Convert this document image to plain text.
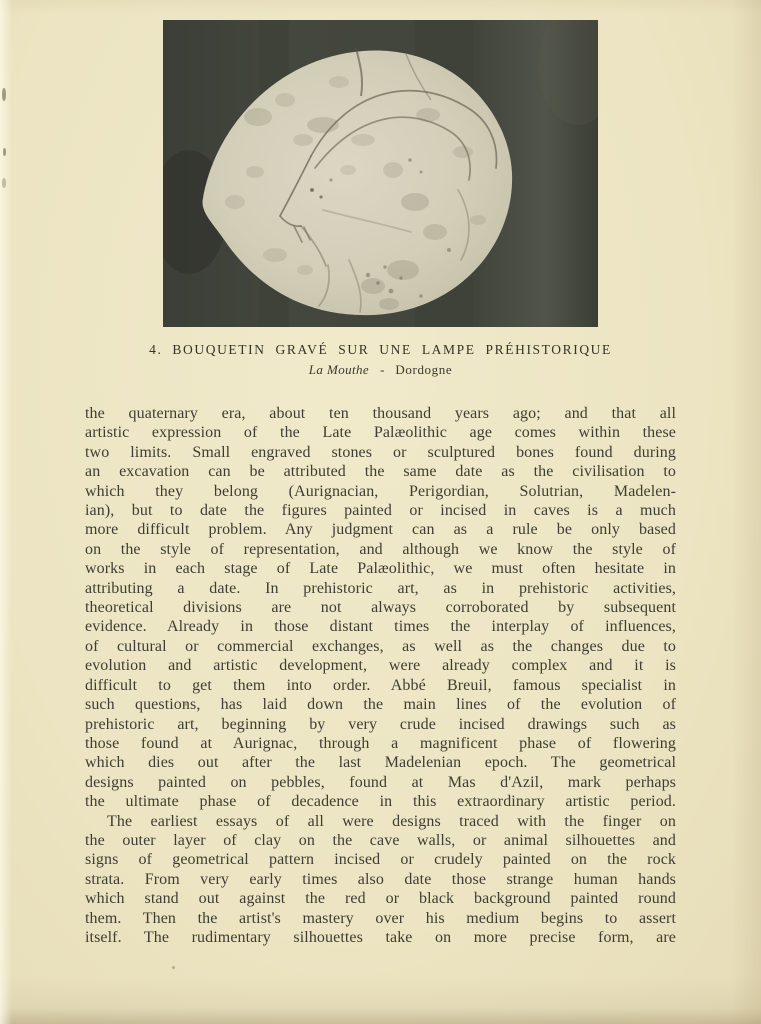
4. BOUQUETIN GRAVÉ SUR UNE LAMPE PRÉHISTORIQUE
La Mouthe - Dordogne
the quaternary era, about ten thousand years ago; and that all
artistic expression of the Late Palæolithic age comes within these
two limits. Small engraved stones or sculptured bones found during
an excavation can be attributed the same date as the civilisation to
which they belong (Aurignacian, Perigordian, Solutrian, Madelen-
ian), but to date the figures painted or incised in caves is a much
more difficult problem. Any judgment can as a rule be only based
on the style of representation, and although we know the style of
works in each stage of Late Palæolithic, we must often hesitate in
attributing a date. In prehistoric art, as in prehistoric activities,
theoretical divisions are not always corroborated by subsequent
evidence. Already in those distant times the interplay of influences,
of cultural or commercial exchanges, as well as the changes due to
evolution and artistic development, were already complex and it is
difficult to get them into order. Abbé Breuil, famous specialist in
such questions, has laid down the main lines of the evolution of
prehistoric art, beginning by very crude incised drawings such as
those found at Aurignac, through a magnificent phase of flowering
which dies out after the last Madelenian epoch. The geometrical
designs painted on pebbles, found at Mas d'Azil, mark perhaps
the ultimate phase of decadence in this extraordinary artistic period.
The earliest essays of all were designs traced with the finger on
the outer layer of clay on the cave walls, or animal silhouettes and
signs of geometrical pattern incised or crudely painted on the rock
strata. From very early times also date those strange human hands
which stand out against the red or black background painted round
them. Then the artist's mastery over his medium begins to assert
itself. The rudimentary silhouettes take on more precise form, are
